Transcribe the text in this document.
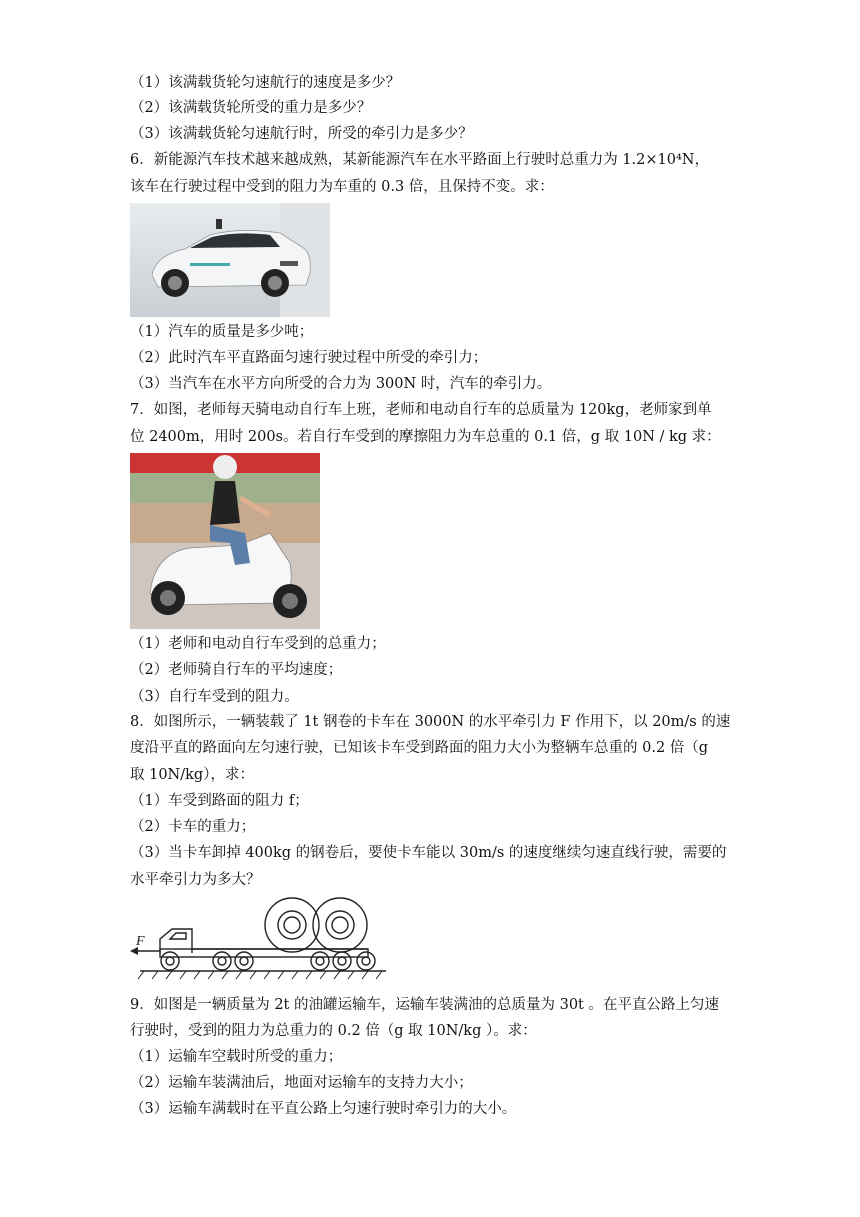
（1）该满载货轮匀速航行的速度是多少？
（2）该满载货轮所受的重力是多少？
（3）该满载货轮匀速航行时，所受的牵引力是多少？
6．新能源汽车技术越来越成熟，某新能源汽车在水平路面上行驶时总重力为 1.2×10⁴N，
该车在行驶过程中受到的阻力为车重的 0.3 倍，且保持不变。求：
（1）汽车的质量是多少吨；
（2）此时汽车平直路面匀速行驶过程中所受的牵引力；
（3）当汽车在水平方向所受的合力为 300N 时，汽车的牵引力。
7．如图，老师每天骑电动自行车上班，老师和电动自行车的总质量为 120kg，老师家到单
位 2400m，用时 200s。若自行车受到的摩擦阻力为车总重的 0.1 倍，g 取 10N / kg 求：
（1）老师和电动自行车受到的总重力；
（2）老师骑自行车的平均速度；
（3）自行车受到的阻力。
8．如图所示，一辆装载了 1t 钢卷的卡车在 3000N 的水平牵引力 F 作用下，以 20m/s 的速
度沿平直的路面向左匀速行驶，已知该卡车受到路面的阻力大小为整辆车总重的 0.2 倍（g
取 10N/kg），求：
（1）车受到路面的阻力 f；
（2）卡车的重力；
（3）当卡车卸掉 400kg 的钢卷后，要使卡车能以 30m/s 的速度继续匀速直线行驶，需要的
水平牵引力为多大？
F
9．如图是一辆质量为 2t 的油罐运输车，运输车装满油的总质量为 30t 。在平直公路上匀速
行驶时，受到的阻力为总重力的 0.2 倍（g 取 10N/kg ）。求：
（1）运输车空载时所受的重力；
（2）运输车装满油后，地面对运输车的支持力大小；
（3）运输车满载时在平直公路上匀速行驶时牵引力的大小。
